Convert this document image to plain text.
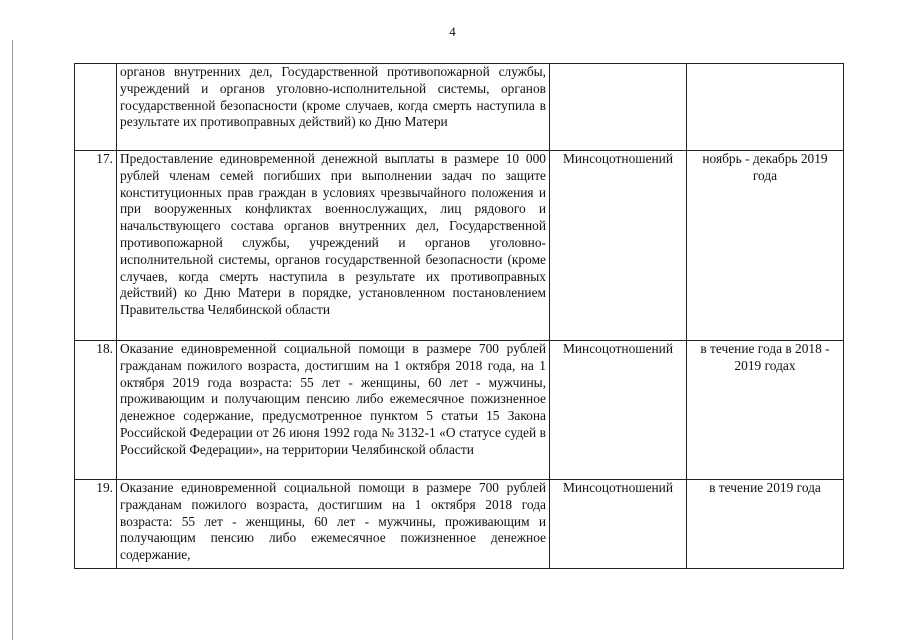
4
	органов внутренних дел, Государственной противопожарной службы, учреждений и органов уголовно-исполнительной системы, органов государственной безопасности (кроме случаев, когда смерть наступила в результате их противоправных действий) ко Дню Матери		
17.	Предоставление единовременной денежной выплаты в размере 10 000 рублей членам семей погибших при выполнении задач по защите конституционных прав граждан в условиях чрезвычайного положения и при вооруженных конфликтах военнослужащих, лиц рядового и начальствующего состава органов внутренних дел, Государственной противопожарной службы, учреждений и органов уголовно-исполнительной системы, органов государственной безопасности (кроме случаев, когда смерть наступила в результате их противоправных действий) ко Дню Матери в порядке, установленном постановлением Правительства Челябинской области	Минсоцотношений	ноябрь - декабрь 2019 года
18.	Оказание единовременной социальной помощи в размере 700 рублей гражданам пожилого возраста, достигшим на 1 октября 2018 года, на 1 октября 2019 года возраста: 55 лет - женщины, 60 лет - мужчины, проживающим и получающим пенсию либо ежемесячное пожизненное денежное содержание, предусмотренное пунктом 5 статьи 15 Закона Российской Федерации от 26 июня 1992 года № 3132-1 «О статусе судей в Российской Федерации», на территории Челябинской области	Минсоцотношений	в течение года в 2018 - 2019 годах
19.	Оказание единовременной социальной помощи в размере 700 рублей гражданам пожилого возраста, достигшим на 1 октября 2018 года возраста: 55 лет - женщины, 60 лет - мужчины, проживающим и получающим пенсию либо ежемесячное пожизненное денежное содержание,	Минсоцотношений	в течение 2019 года
